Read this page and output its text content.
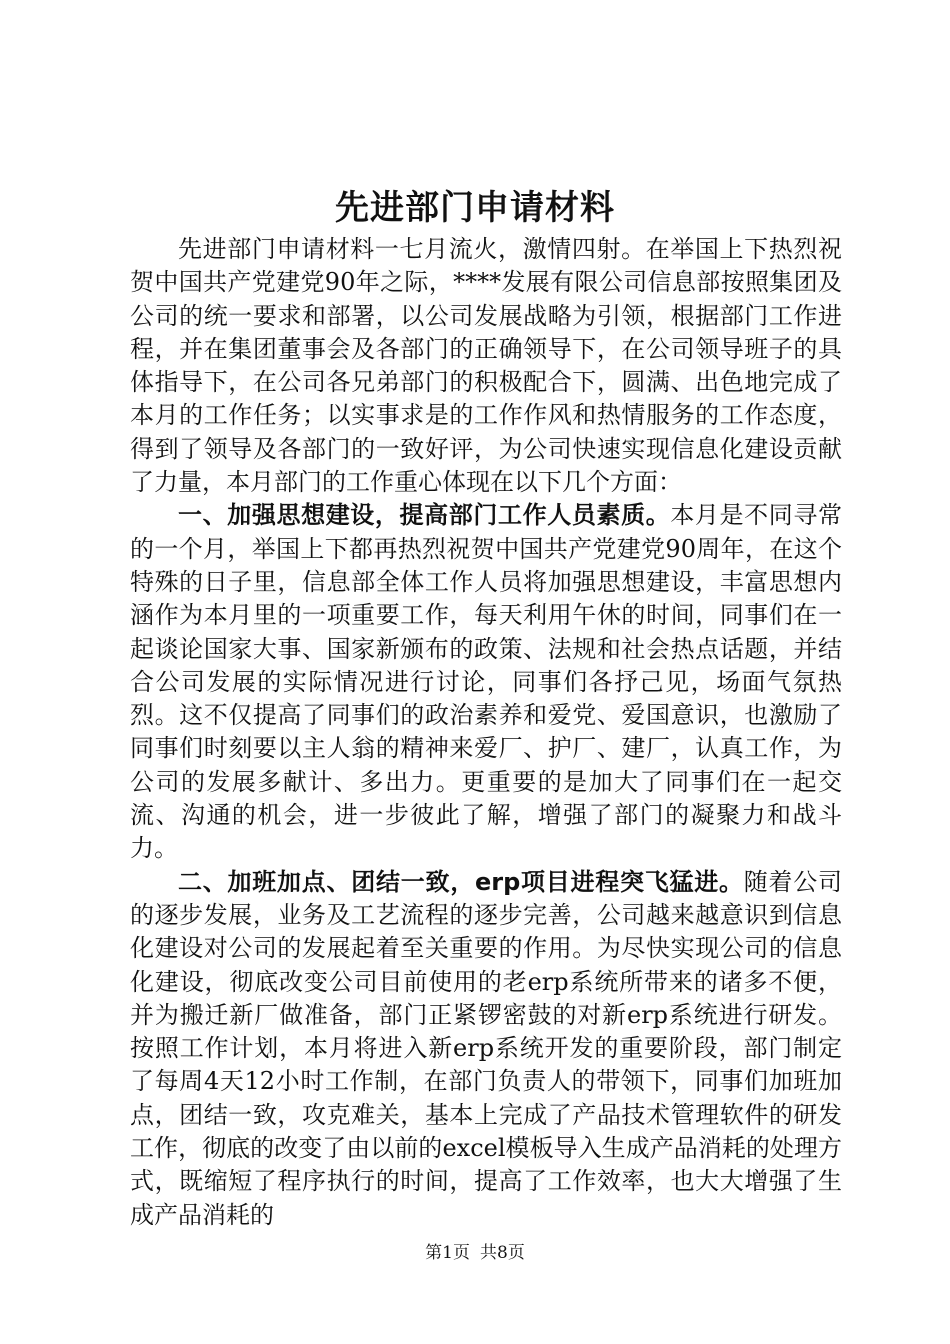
先进部门申请材料

先进部门申请材料一七月流火，激情四射。在举国上下热烈祝贺中国共产党建党90年之际，****发展有限公司信息部按照集团及公司的统一要求和部署，以公司发展战略为引领，根据部门工作进程，并在集团董事会及各部门的正确领导下，在公司领导班子的具体指导下，在公司各兄弟部门的积极配合下，圆满、出色地完成了本月的工作任务；以实事求是的工作作风和热情服务的工作态度，得到了领导及各部门的一致好评，为公司快速实现信息化建设贡献了力量，本月部门的工作重心体现在以下几个方面：

一、加强思想建设，提高部门工作人员素质。本月是不同寻常的一个月，举国上下都再热烈祝贺中国共产党建党90周年，在这个特殊的日子里，信息部全体工作人员将加强思想建设，丰富思想内涵作为本月里的一项重要工作，每天利用午休的时间，同事们在一起谈论国家大事、国家新颁布的政策、法规和社会热点话题，并结合公司发展的实际情况进行讨论，同事们各抒己见，场面气氛热烈。这不仅提高了同事们的政治素养和爱党、爱国意识，也激励了同事们时刻要以主人翁的精神来爱厂、护厂、建厂，认真工作，为公司的发展多献计、多出力。更重要的是加大了同事们在一起交流、沟通的机会，进一步彼此了解，增强了部门的凝聚力和战斗力。

二、加班加点、团结一致，erp项目进程突飞猛进。随着公司的逐步发展，业务及工艺流程的逐步完善，公司越来越意识到信息化建设对公司的发展起着至关重要的作用。为尽快实现公司的信息化建设，彻底改变公司目前使用的老erp系统所带来的诸多不便，并为搬迁新厂做准备，部门正紧锣密鼓的对新erp系统进行研发。按照工作计划，本月将进入新erp系统开发的重要阶段，部门制定了每周4天12小时工作制，在部门负责人的带领下，同事们加班加点，团结一致，攻克难关，基本上完成了产品技术管理软件的研发工作，彻底的改变了由以前的excel模板导入生成产品消耗的处理方式，既缩短了程序执行的时间，提高了工作效率，也大大增强了生成产品消耗的

第1页 共8页
